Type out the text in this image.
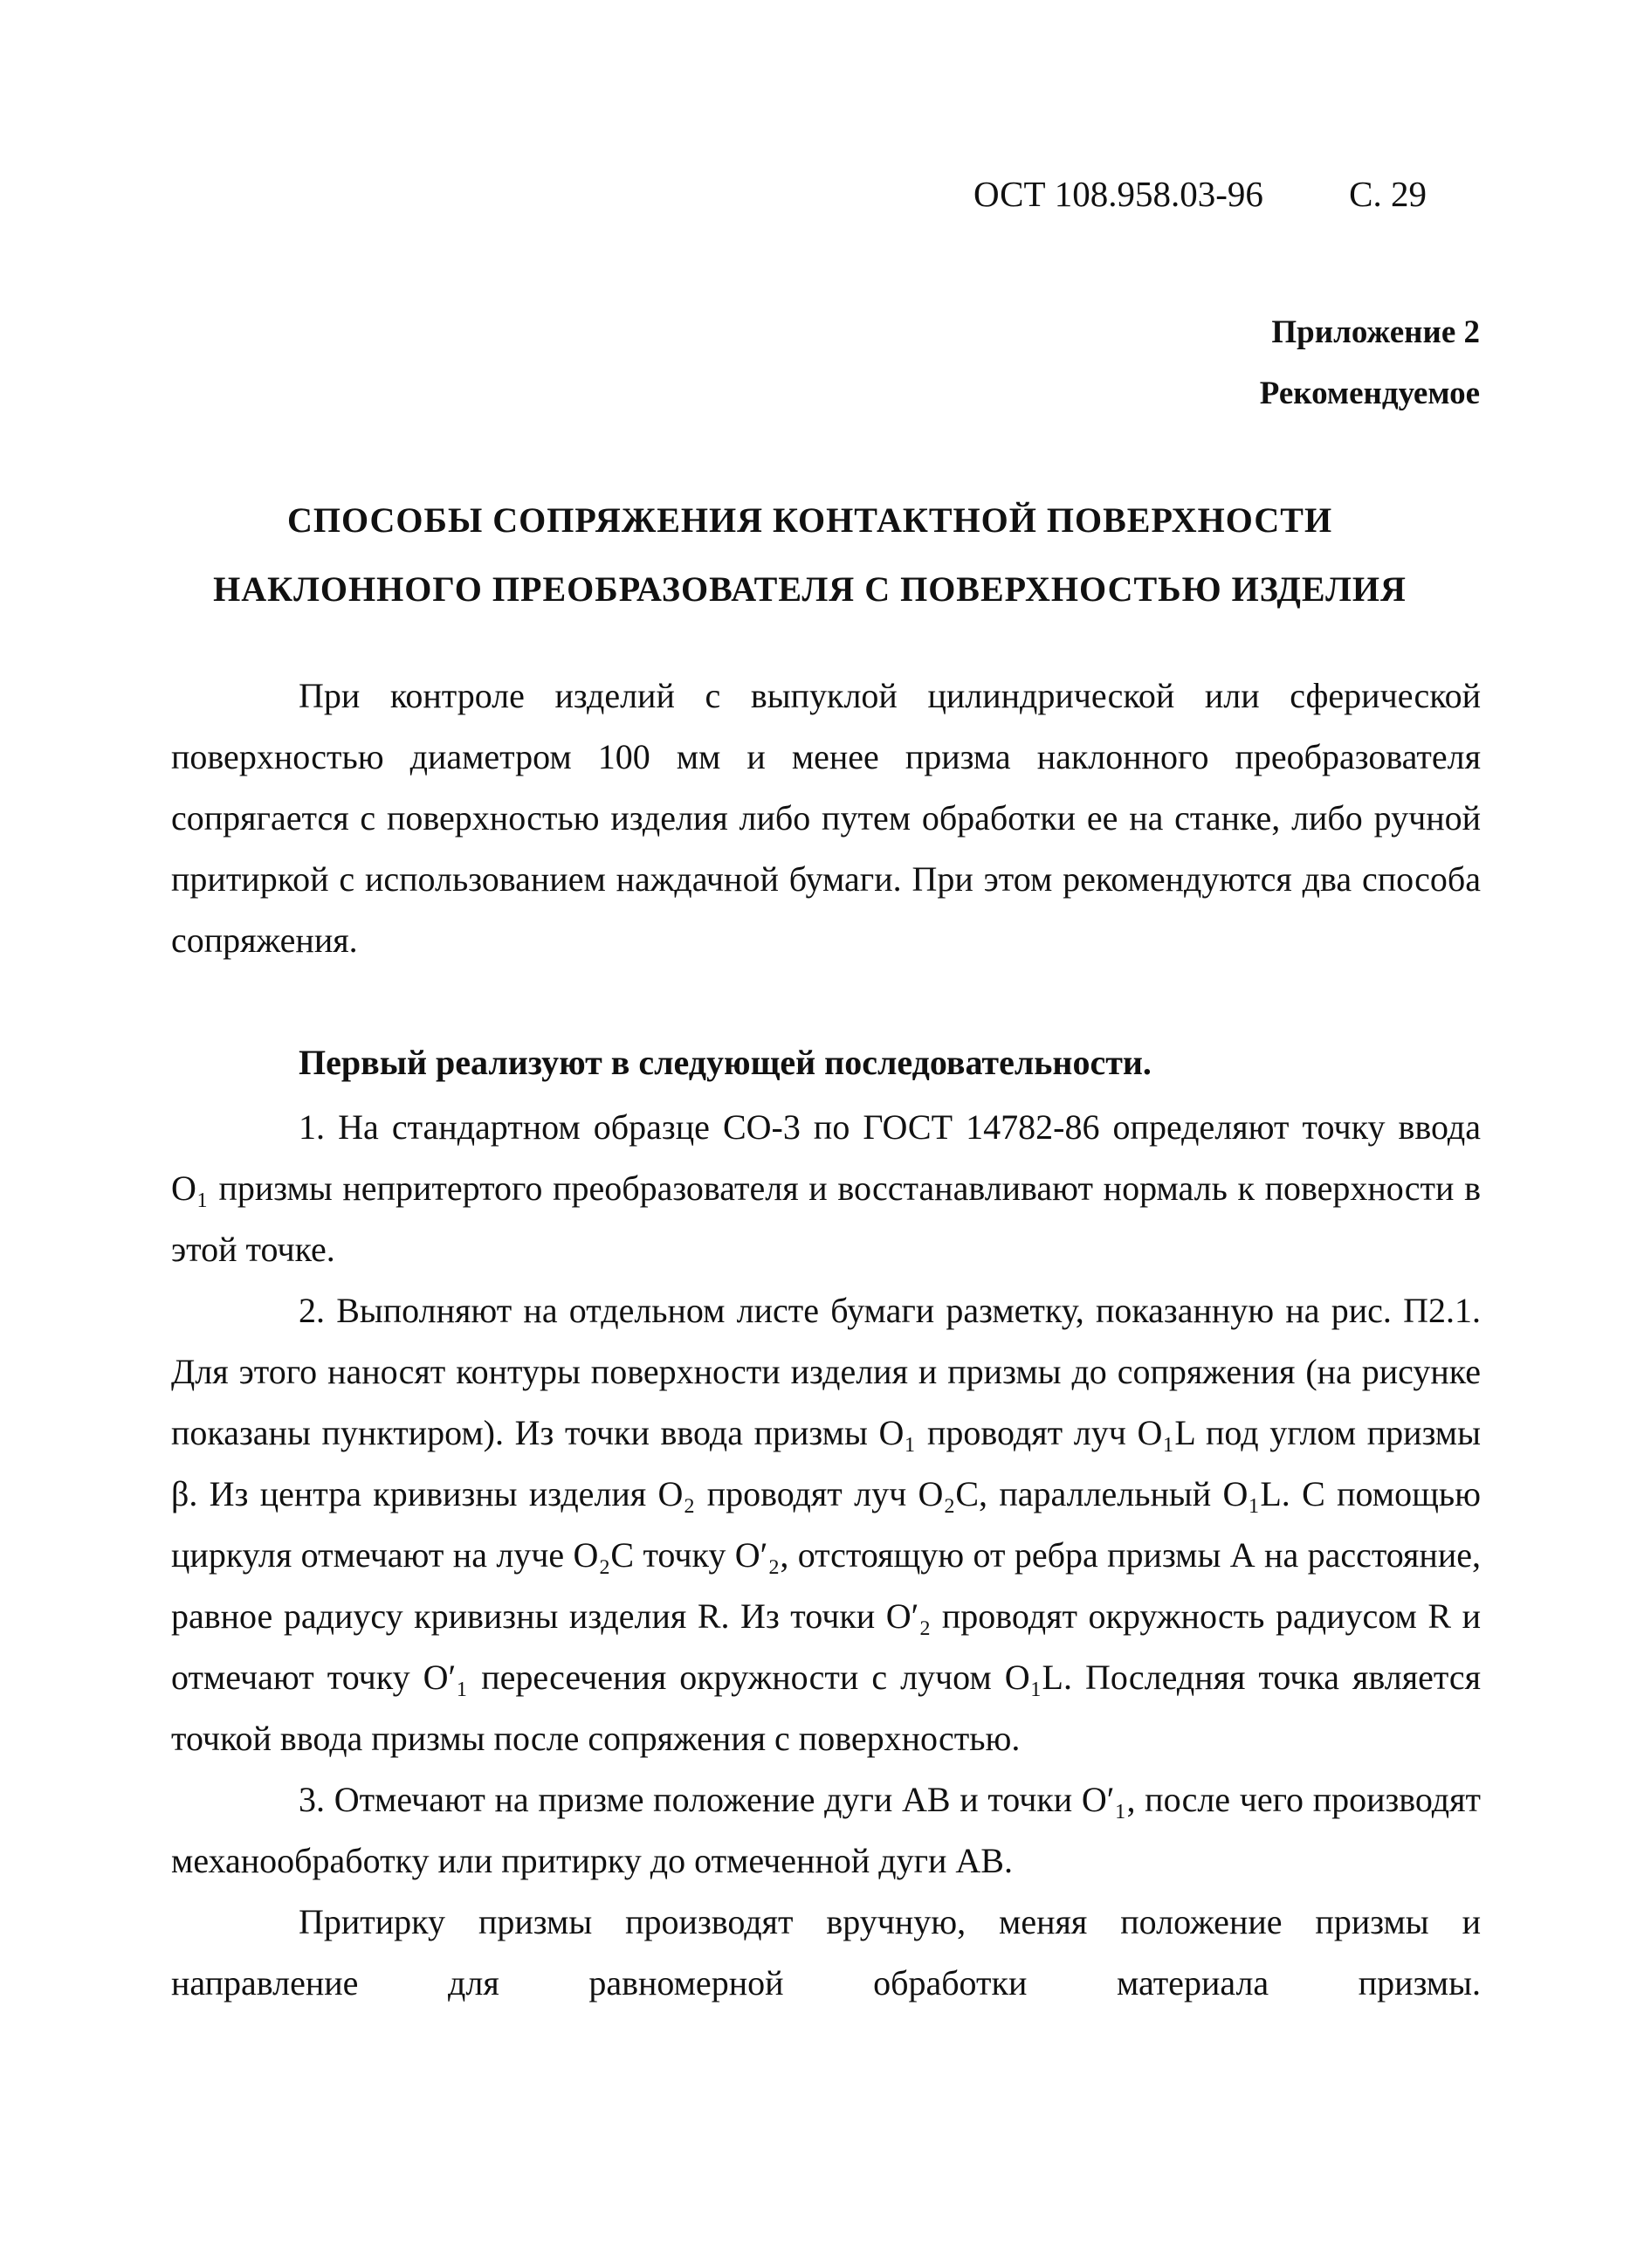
ОСТ 108.958.03-96 С. 29
Приложение 2
Рекомендуемое
СПОСОБЫ СОПРЯЖЕНИЯ КОНТАКТНОЙ ПОВЕРХНОСТИ
НАКЛОННОГО ПРЕОБРАЗОВАТЕЛЯ С ПОВЕРХНОСТЬЮ ИЗДЕЛИЯ

При контроле изделий с выпуклой цилиндрической или сферической поверхностью диаметром 100 мм и менее призма наклонного преобразователя сопрягается с поверхностью изделия либо путем обработки ее на станке, либо ручной притиркой с использованием наждачной бумаги. При этом рекомендуются два способа сопряжения.

Первый реализуют в следующей последовательности.

1. На стандартном образце СО-3 по ГОСТ 14782-86 определяют точку ввода O₁ призмы непритертого преобразователя и восстанавливают нормаль к поверхности в этой точке.

2. Выполняют на отдельном листе бумаги разметку, показанную на рис. П2.1. Для этого наносят контуры поверхности изделия и призмы до сопряжения (на рисунке показаны пунктиром). Из точки ввода призмы O₁ проводят луч O₁L под углом призмы β. Из центра кривизны изделия O₂ проводят луч O₂C, параллельный O₁L. С помощью циркуля отмечают на луче O₂C точку O′₂, отстоящую от ребра призмы А на расстояние, равное радиусу кривизны изделия R. Из точки O′₂ проводят окружность радиусом R и отмечают точку O′₁ пересечения окружности с лучом O₁L. Последняя точка является точкой ввода призмы после сопряжения с поверхностью.

3. Отмечают на призме положение дуги АВ и точки O′₁, после чего производят механообработку или притирку до отмеченной дуги АВ.

Притирку призмы производят вручную, меняя положение призмы и направление для равномерной обработки материала призмы.
